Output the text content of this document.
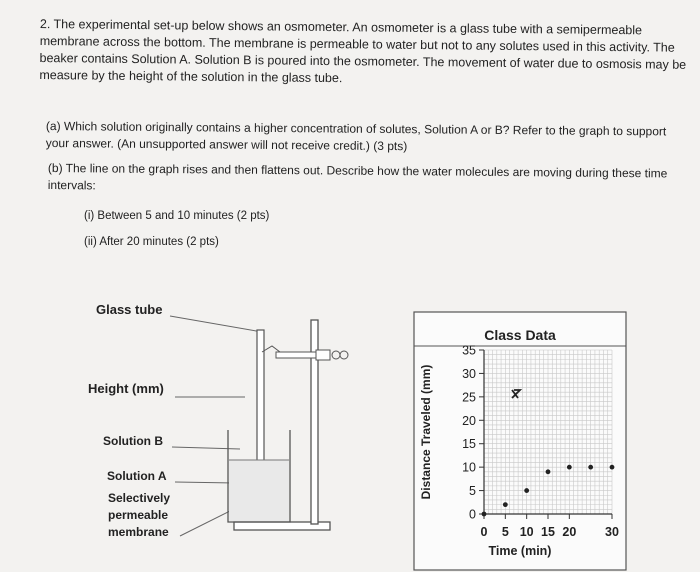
2. The experimental set-up below shows an osmometer. An osmometer is a glass tube with a semipermeable membrane across the bottom. The membrane is permeable to water but not to any solutes used in this activity. The beaker contains Solution A. Solution B is poured into the osmometer. The movement of water due to osmosis may be measure by the height of the solution in the glass tube.
(a) Which solution originally contains a higher concentration of solutes, Solution A or B? Refer to the graph to support your answer. (An unsupported answer will not receive credit.) (3 pts)
(b) The line on the graph rises and then flattens out. Describe how the water molecules are moving during these time intervals:
(i) Between 5 and 10 minutes (2 pts)
(ii) After 20 minutes (2 pts)
Glass tube
Height (mm)
Solution B
Solution A
Selectively
permeable
membrane	0 5 10 15 20 30
35
30
25
20
15
10
5
0
Class Data
Time (min)
Distance Traveled (mm)
